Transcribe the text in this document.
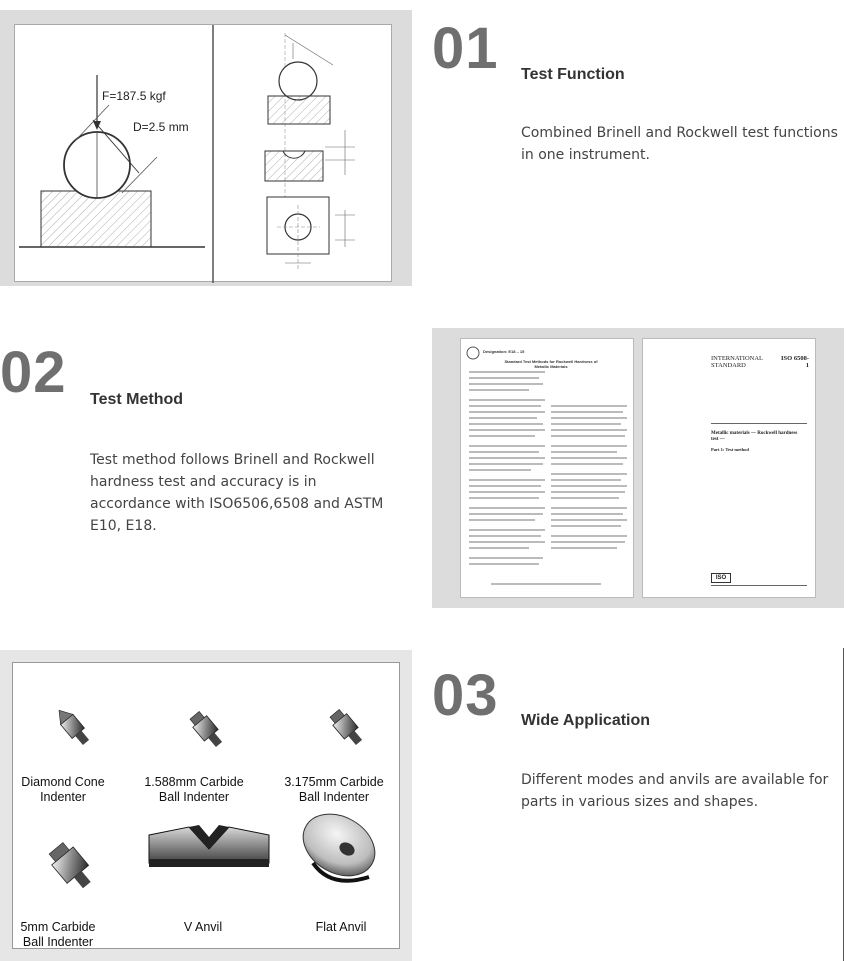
F=187.5 kgf
D=2.5 mm
01 Test Function
Combined Brinell and Rockwell test functions in one instrument.
02 Test Method
Test method follows Brinell and Rockwell hardness test and accuracy is in accordance with ISO6506,6508 and ASTM E10, E18.
Designation: E18 – 15
Standard Test Methods for Rockwell Hardness of Metallic Materials
INTERNATIONAL STANDARD
ISO 6508-1
Metallic materials — Rockwell hardness test —
Part 1: Test method
ISO
Diamond Cone
Indenter
1.588mm Carbide
Ball Indenter
3.175mm Carbide
Ball Indenter
5mm Carbide
Ball Indenter
V Anvil	Flat Anvil
03 Wide Application
Different modes and anvils are available for parts in various sizes and shapes.
